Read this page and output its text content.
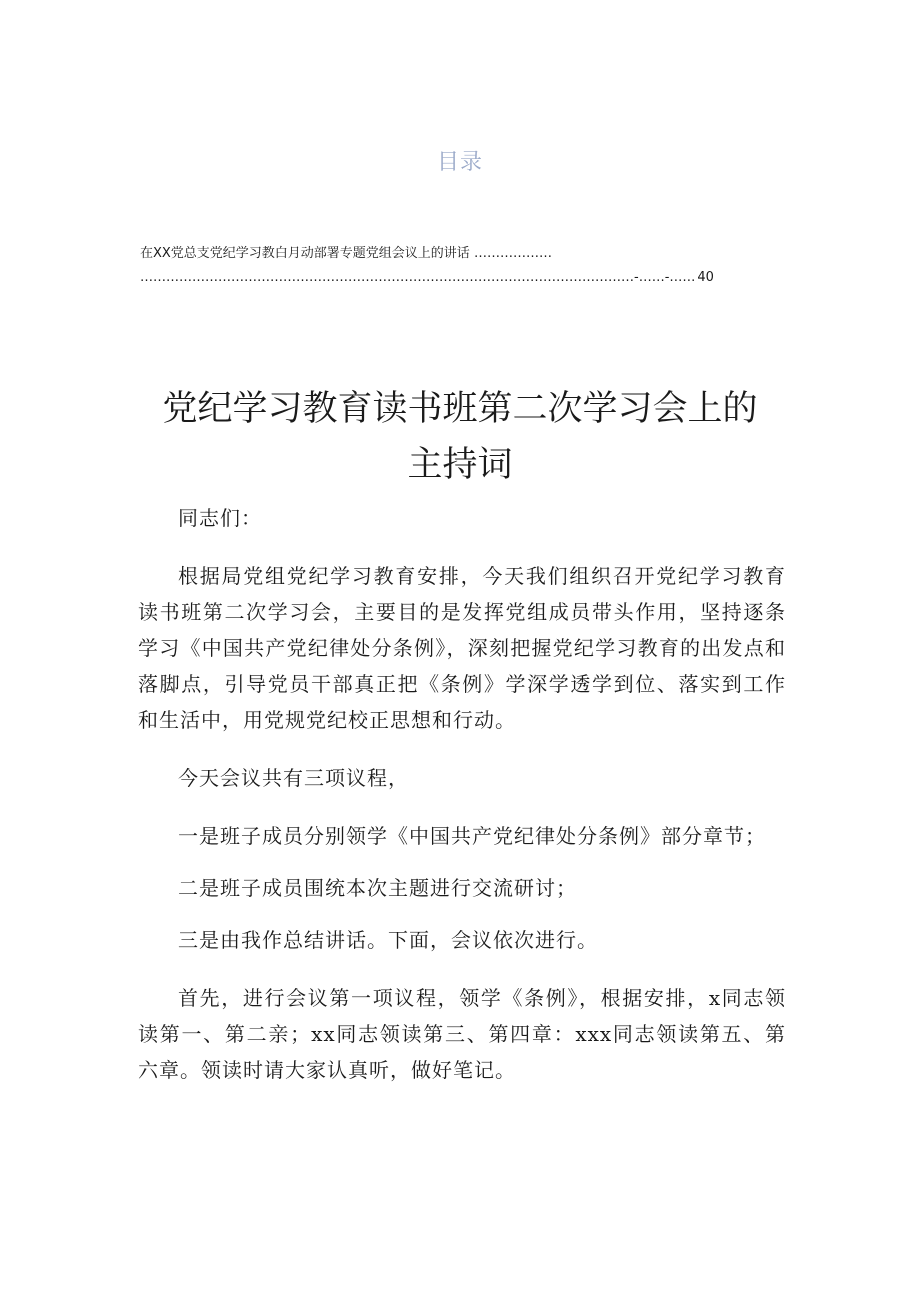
目录
在XX党总支党纪学习教白月动部署专题党组会议上的讲话 ………………
……………………………………………………………………………………………………-……-…… 40
党纪学习教育读书班第二次学习会上的主持词

同志们：

根据局党组党纪学习教育安排，今天我们组织召开党纪学习教育读书班第二次学习会，主要目的是发挥党组成员带头作用，坚持逐条学习《中国共产党纪律处分条例》，深刻把握党纪学习教育的出发点和落脚点，引导党员干部真正把《条例》学深学透学到位、落实到工作和生活中，用党规党纪校正思想和行动。

今天会议共有三项议程，

一是班子成员分别领学《中国共产党纪律处分条例》部分章节；

二是班子成员围统本次主题进行交流研讨；

三是由我作总结讲话。下面，会议依次进行。

首先，进行会议第一项议程，领学《条例》，根据安排，x同志领读第一、第二亲；xx同志领读第三、第四章：xxx同志领读第五、第六章。领读时请大家认真听，做好笔记。
